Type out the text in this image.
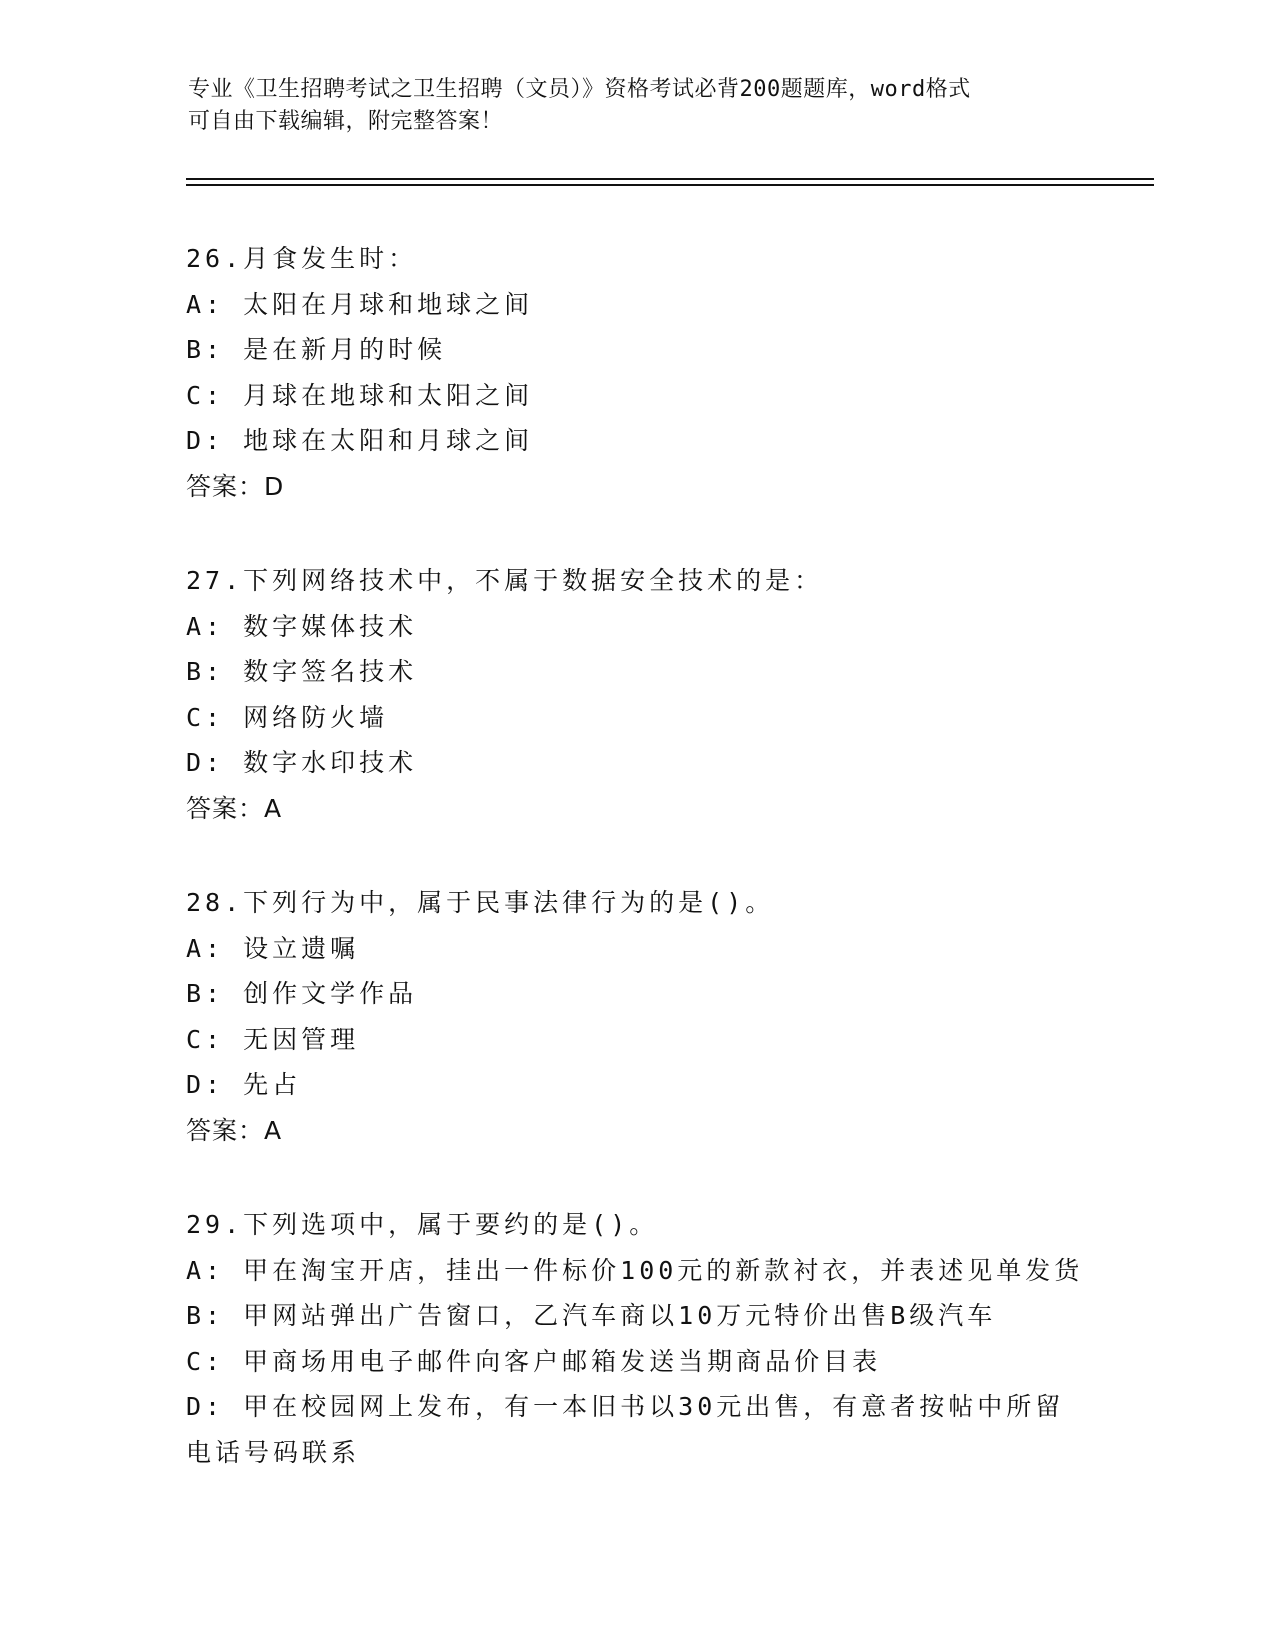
专业《卫生招聘考试之卫生招聘（文员）》资格考试必背200题题库，word格式
可自由下载编辑，附完整答案！
26.月食发生时：
A: 太阳在月球和地球之间
B: 是在新月的时候
C: 月球在地球和太阳之间
D: 地球在太阳和月球之间
答案：D
27.下列网络技术中，不属于数据安全技术的是：
A: 数字媒体技术
B: 数字签名技术
C: 网络防火墙
D: 数字水印技术
答案：A
28.下列行为中，属于民事法律行为的是()。
A: 设立遗嘱
B: 创作文学作品
C: 无因管理
D: 先占
答案：A
29.下列选项中，属于要约的是()。
A: 甲在淘宝开店，挂出一件标价100元的新款衬衣，并表述见单发货
B: 甲网站弹出广告窗口，乙汽车商以10万元特价出售B级汽车
C: 甲商场用电子邮件向客户邮箱发送当期商品价目表
D: 甲在校园网上发布，有一本旧书以30元出售，有意者按帖中所留电话号码联系
